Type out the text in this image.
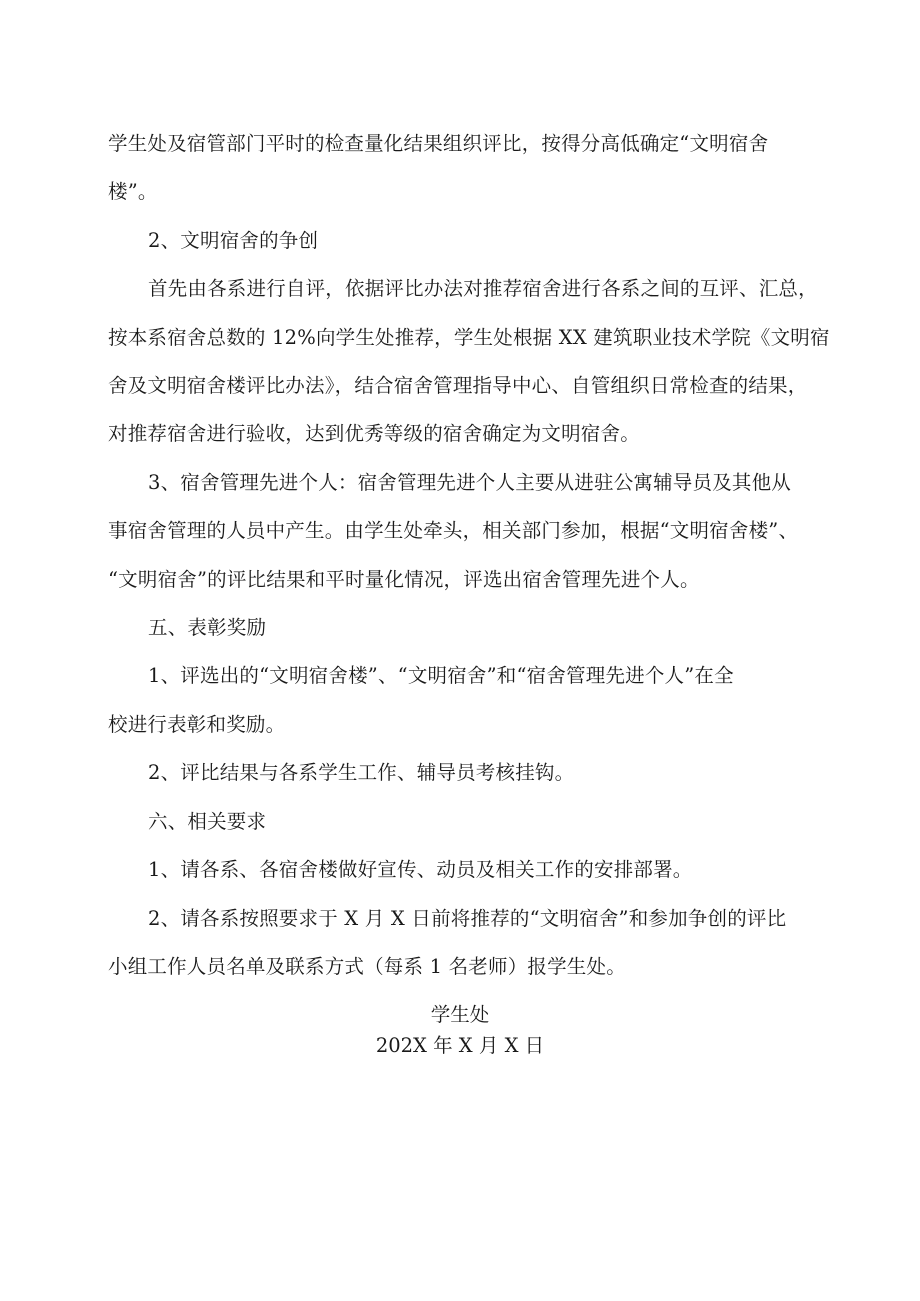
学生处及宿管部门平时的检查量化结果组织评比，按得分高低确定“文明宿舍
楼”。
2、文明宿舍的争创
首先由各系进行自评，依据评比办法对推荐宿舍进行各系之间的互评、汇总，
按本系宿舍总数的 12%向学生处推荐，学生处根据 XX 建筑职业技术学院《文明宿
舍及文明宿舍楼评比办法》，结合宿舍管理指导中心、自管组织日常检查的结果，
对推荐宿舍进行验收，达到优秀等级的宿舍确定为文明宿舍。
3、宿舍管理先进个人：宿舍管理先进个人主要从进驻公寓辅导员及其他从
事宿舍管理的人员中产生。由学生处牵头，相关部门参加，根据“文明宿舍楼”、
“文明宿舍”的评比结果和平时量化情况，评选出宿舍管理先进个人。
五、表彰奖励
1、评选出的“文明宿舍楼”、“文明宿舍”和“宿舍管理先进个人”在全
校进行表彰和奖励。
2、评比结果与各系学生工作、辅导员考核挂钩。
六、相关要求
1、请各系、各宿舍楼做好宣传、动员及相关工作的安排部署。
2、请各系按照要求于 X 月 X 日前将推荐的“文明宿舍”和参加争创的评比
小组工作人员名单及联系方式（每系 1 名老师）报学生处。
学生处
202X 年 X 月 X 日
